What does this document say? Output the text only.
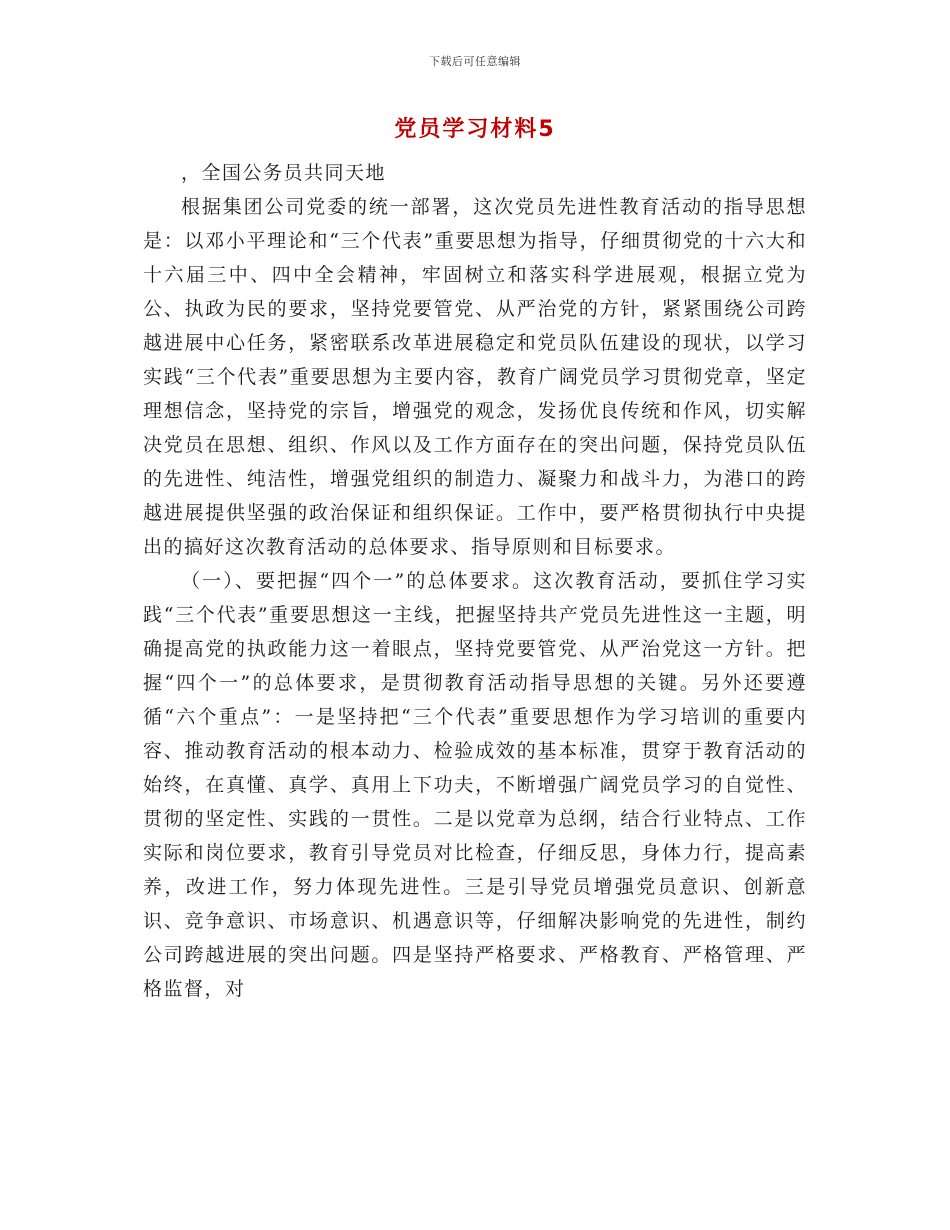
下载后可任意编辑
党员学习材料5

，全国公务员共同天地

根据集团公司党委的统一部署，这次党员先进性教育活动的指导思想是：以邓小平理论和“三个代表”重要思想为指导，仔细贯彻党的十六大和十六届三中、四中全会精神，牢固树立和落实科学进展观，根据立党为公、执政为民的要求，坚持党要管党、从严治党的方针，紧紧围绕公司跨越进展中心任务，紧密联系改革进展稳定和党员队伍建设的现状，以学习实践“三个代表”重要思想为主要内容，教育广阔党员学习贯彻党章，坚定理想信念，坚持党的宗旨，增强党的观念，发扬优良传统和作风，切实解决党员在思想、组织、作风以及工作方面存在的突出问题，保持党员队伍的先进性、纯洁性，增强党组织的制造力、凝聚力和战斗力，为港口的跨越进展提供坚强的政治保证和组织保证。工作中，要严格贯彻执行中央提出的搞好这次教育活动的总体要求、指导原则和目标要求。

（一）、要把握“四个一”的总体要求。这次教育活动，要抓住学习实践“三个代表”重要思想这一主线，把握坚持共产党员先进性这一主题，明确提高党的执政能力这一着眼点，坚持党要管党、从严治党这一方针。把握“四个一”的总体要求，是贯彻教育活动指导思想的关键。另外还要遵循“六个重点”：一是坚持把“三个代表”重要思想作为学习培训的重要内容、推动教育活动的根本动力、检验成效的基本标准，贯穿于教育活动的始终，在真懂、真学、真用上下功夫，不断增强广阔党员学习的自觉性、贯彻的坚定性、实践的一贯性。二是以党章为总纲，结合行业特点、工作实际和岗位要求，教育引导党员对比检查，仔细反思，身体力行，提高素养，改进工作，努力体现先进性。三是引导党员增强党员意识、创新意识、竞争意识、市场意识、机遇意识等，仔细解决影响党的先进性，制约公司跨越进展的突出问题。四是坚持严格要求、严格教育、严格管理、严格监督，对
